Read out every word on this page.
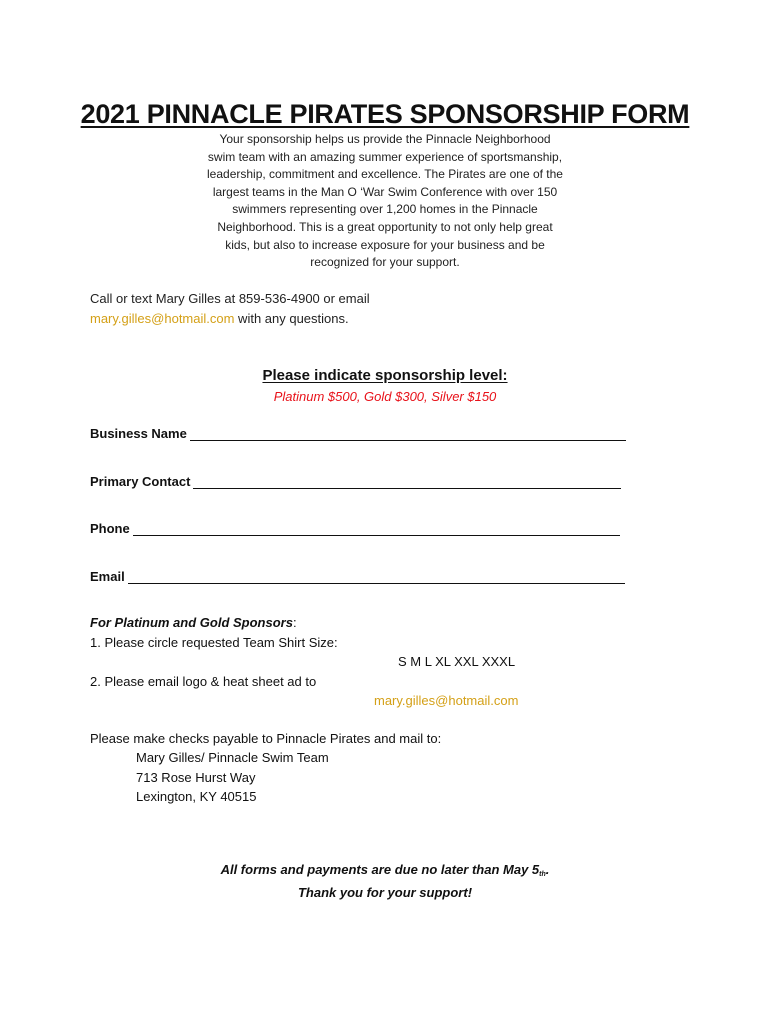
2021 PINNACLE PIRATES SPONSORSHIP FORM
Your sponsorship helps us provide the Pinnacle Neighborhood
swim team with an amazing summer experience of sportsmanship,
leadership, commitment and excellence. The Pirates are one of the
largest teams in the Man O ‘War Swim Conference with over 150
swimmers representing over 1,200 homes in the Pinnacle
Neighborhood. This is a great opportunity to not only help great
kids, but also to increase exposure for your business and be
recognized for your support.
Call or text Mary Gilles at 859-536-4900 or email
mary.gilles@hotmail.com with any questions.
Please indicate sponsorship level:
Platinum $500, Gold $300, Silver $150
Business Name
Primary Contact
Phone
Email
For Platinum and Gold Sponsors:
1. Please circle requested Team Shirt Size:
2. Please email logo & heat sheet ad to
S M L XL XXL XXXL
mary.gilles@hotmail.com
Please make checks payable to Pinnacle Pirates and mail to:
Mary Gilles/ Pinnacle Swim Team
713 Rose Hurst Way
Lexington, KY 40515
All forms and payments are due no later than May 5th.
Thank you for your support!
